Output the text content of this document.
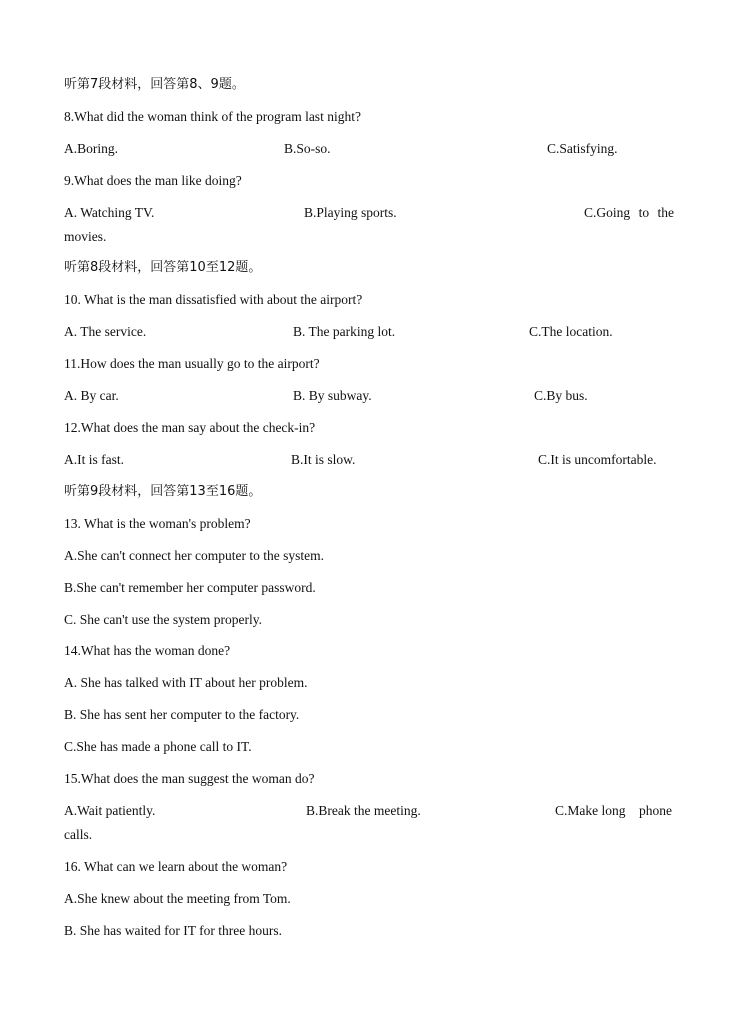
听第7段材料，回答第8、9题。
8.What did the woman think of the program last night?
A.Boring.	B.So-so.	C.Satisfying.
9.What does the man like doing?
A. Watching TV.	B.Playing sports.	C.Going to the
movies.
听第8段材料，回答第10至12题。
10. What is the man dissatisfied with about the airport?
A. The service.	B. The parking lot.	C.The location.
11.How does the man usually go to the airport?
A. By car.	B. By subway.	C.By bus.
12.What does the man say about the check-in?
A.It is fast.	B.It is slow.	C.It is uncomfortable.
听第9段材料，回答第13至16题。
13. What is the woman's problem?
A.She can't connect her computer to the system.
B.She can't remember her computer password.
C. She can't use the system properly.
14.What has the woman done?
A. She has talked with IT about her problem.
B. She has sent her computer to the factory.
C.She has made a phone call to IT.
15.What does the man suggest the woman do?
A.Wait patiently.	B.Break the meeting.	C.Make long phone
calls.
16. What can we learn about the woman?
A.She knew about the meeting from Tom.
B. She has waited for IT for three hours.
